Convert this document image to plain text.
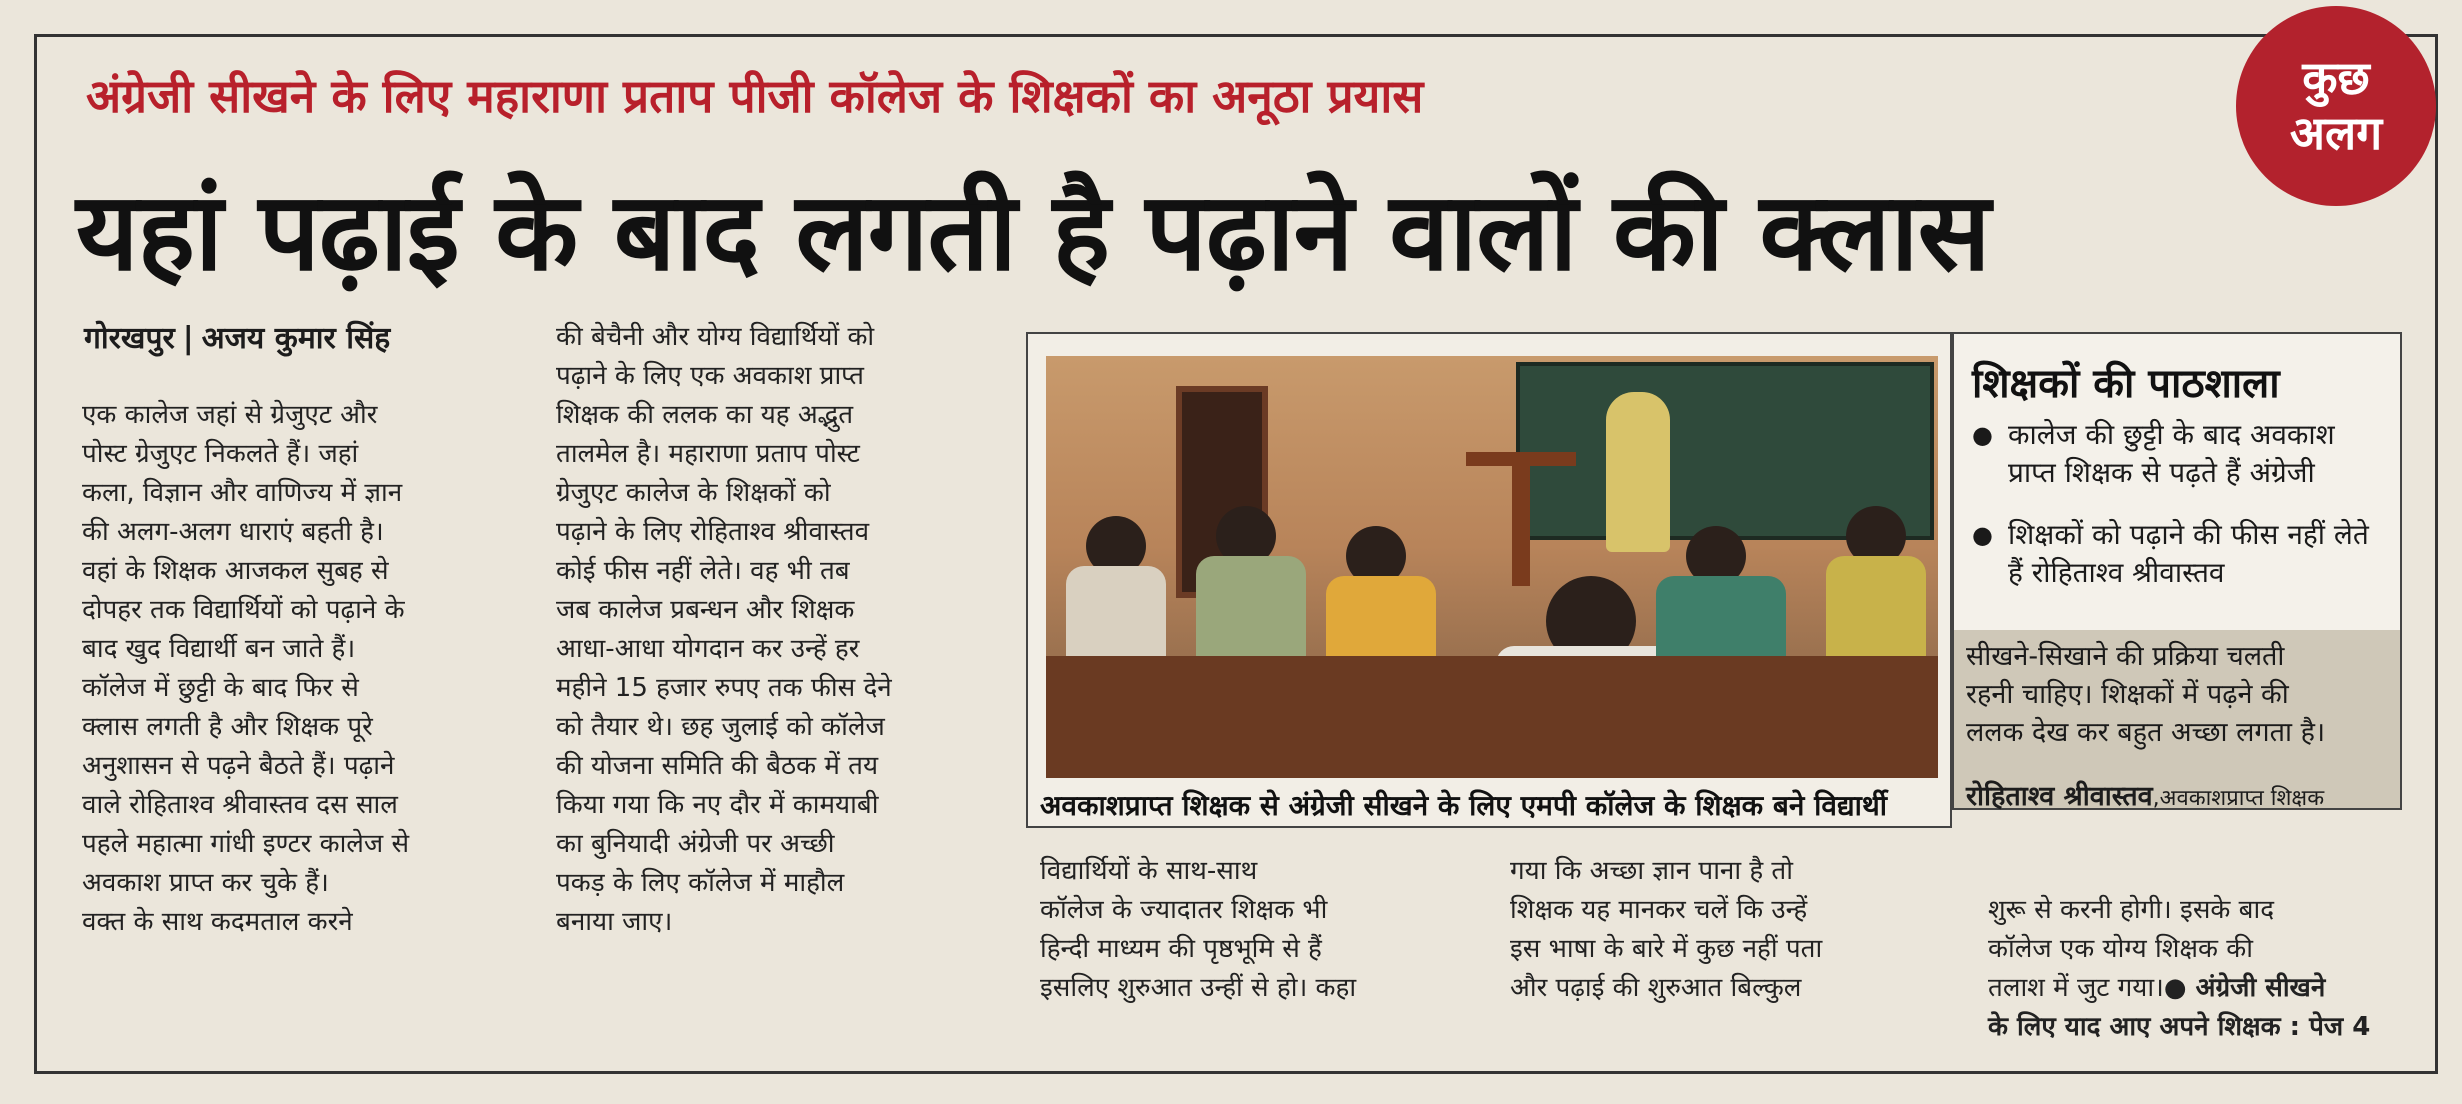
अंग्रेजी सीखने के लिए महाराणा प्रताप पीजी कॉलेज के शिक्षकों का अनूठा प्रयास
यहां पढ़ाई के बाद लगती है पढ़ाने वालों की क्लास
कुछ
अलग
गोरखपुर | अजय कुमार सिंह
एक कालेज जहां से ग्रेजुएट और
पोस्ट ग्रेजुएट निकलते हैं। जहां
कला, विज्ञान और वाणिज्य में ज्ञान
की अलग-अलग धाराएं बहती है।
वहां के शिक्षक आजकल सुबह से
दोपहर तक विद्यार्थियों को पढ़ाने के
बाद खुद विद्यार्थी बन जाते हैं।
कॉलेज में छुट्टी के बाद फिर से
क्लास लगती है और शिक्षक पूरे
अनुशासन से पढ़ने बैठते हैं। पढ़ाने
वाले रोहिताश्व श्रीवास्तव दस साल
पहले महात्मा गांधी इण्टर कालेज से
अवकाश प्राप्त कर चुके हैं।
वक्त के साथ कदमताल करने
की बेचैनी और योग्य विद्यार्थियों को
पढ़ाने के लिए एक अवकाश प्राप्त
शिक्षक की ललक का यह अद्भुत
तालमेल है। महाराणा प्रताप पोस्ट
ग्रेजुएट कालेज के शिक्षकों को
पढ़ाने के लिए रोहिताश्व श्रीवास्तव
कोई फीस नहीं लेते। वह भी तब
जब कालेज प्रबन्धन और शिक्षक
आधा-आधा योगदान कर उन्हें हर
महीने 15 हजार रुपए तक फीस देने
को तैयार थे। छह जुलाई को कॉलेज
की योजना समिति की बैठक में तय
किया गया कि नए दौर में कामयाबी
का बुनियादी अंग्रेजी पर अच्छी
पकड़ के लिए कॉलेज में माहौल
बनाया जाए।
अवकाशप्राप्त शिक्षक से अंग्रेजी सीखने के लिए एमपी कॉलेज के शिक्षक बने विद्यार्थी
शिक्षकों की पाठशाला
● कालेज की छुट्टी के बाद अवकाश प्राप्त शिक्षक से पढ़ते हैं अंग्रेजी
● शिक्षकों को पढ़ाने की फीस नहीं लेते हैं रोहिताश्व श्रीवास्तव
सीखने-सिखाने की प्रक्रिया चलती
रहनी चाहिए। शिक्षकों में पढ़ने की
ललक देख कर बहुत अच्छा लगता है।
रोहिताश्व श्रीवास्तव,अवकाशप्राप्त शिक्षक
विद्यार्थियों के साथ-साथ
कॉलेज के ज्यादातर शिक्षक भी
हिन्दी माध्यम की पृष्ठभूमि से हैं
इसलिए शुरुआत उन्हीं से हो। कहा
गया कि अच्छा ज्ञान पाना है तो
शिक्षक यह मानकर चलें कि उन्हें
इस भाषा के बारे में कुछ नहीं पता
और पढ़ाई की शुरुआत बिल्कुल

शुरू से करनी होगी। इसके बाद
कॉलेज एक योग्य शिक्षक की
तलाश में जुट गया।● अंग्रेजी सीखने
के लिए याद आए अपने शिक्षक : पेज 4
